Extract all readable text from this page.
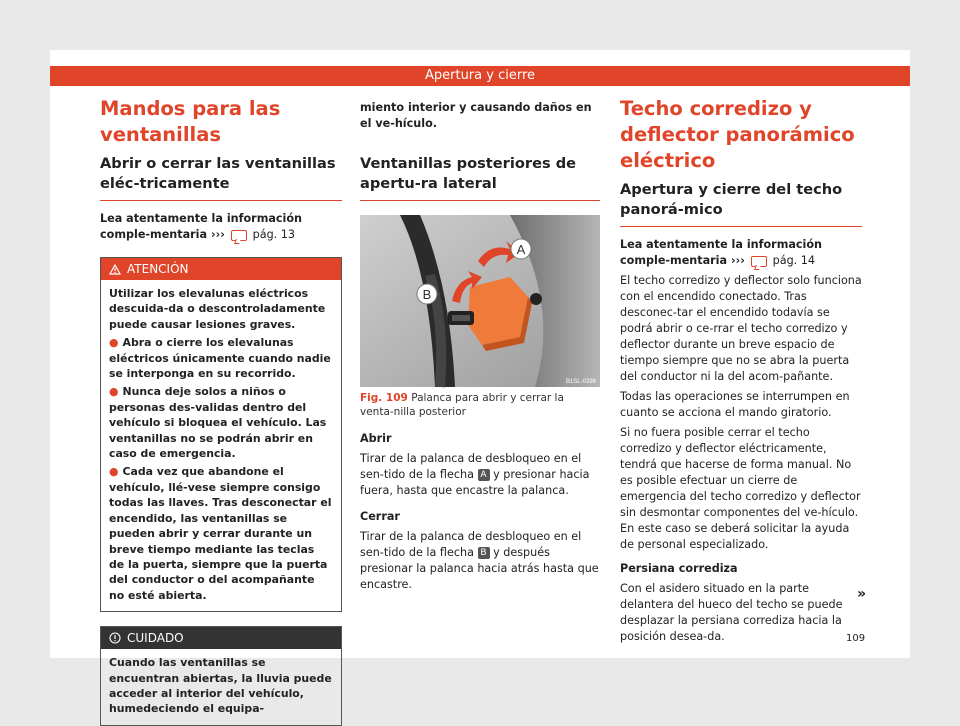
Apertura y cierre
Mandos para las ventanillas
Abrir o cerrar las ventanillas eléc-tricamente

Lea atentamente la información comple-mentaria ››› pág. 13

ATENCIÓN
Utilizar los elevalunas eléctricos descuida-da o descontroladamente puede causar lesiones graves.
● Abra o cierre los elevalunas eléctricos únicamente cuando nadie se interponga en su recorrido.
● Nunca deje solos a niños o personas des-validas dentro del vehículo si bloquea el vehículo. Las ventanillas no se podrán abrir en caso de emergencia.
● Cada vez que abandone el vehículo, llé-vese siempre consigo todas las llaves. Tras desconectar el encendido, las ventanillas se pueden abrir y cerrar durante un breve tiempo mediante las teclas de la puerta, siempre que la puerta del conductor o del acompañante no esté abierta.
CUIDADO
Cuando las ventanillas se encuentran abiertas, la lluvia puede acceder al interior del vehículo, humedeciendo el equipa-

miento interior y causando daños en el ve-hículo.

Ventanillas posteriores de apertu-ra lateral
A
B
B1SL-0398
Fig. 109 Palanca para abrir y cerrar la venta-nilla posterior

Abrir

Tirar de la palanca de desbloqueo en el sen-tido de la flecha A y presionar hacia fuera, hasta que encastre la palanca.

Cerrar

Tirar de la palanca de desbloqueo en el sen-tido de la flecha B y después presionar la palanca hacia atrás hasta que encastre.

Techo corredizo y deflector panorámico eléctrico
Apertura y cierre del techo panorá-mico

Lea atentamente la información comple-mentaria ››› pág. 14

El techo corredizo y deflector solo funciona con el encendido conectado. Tras desconec-tar el encendido todavía se podrá abrir o ce-rrar el techo corredizo y deflector durante un breve espacio de tiempo siempre que no se abra la puerta del conductor ni la del acom-pañante.

Todas las operaciones se interrumpen en cuanto se acciona el mando giratorio.

Si no fuera posible cerrar el techo corredizo y deflector eléctricamente, tendrá que hacerse de forma manual. No es posible efectuar un cierre de emergencia del techo corredizo y deflector sin desmontar componentes del ve-hículo. En este caso se deberá solicitar la ayuda de personal especializado.

Persiana corrediza

Con el asidero situado en la parte delantera del hueco del techo se puede desplazar la persiana corrediza hacia la posición desea-da.

»
109
